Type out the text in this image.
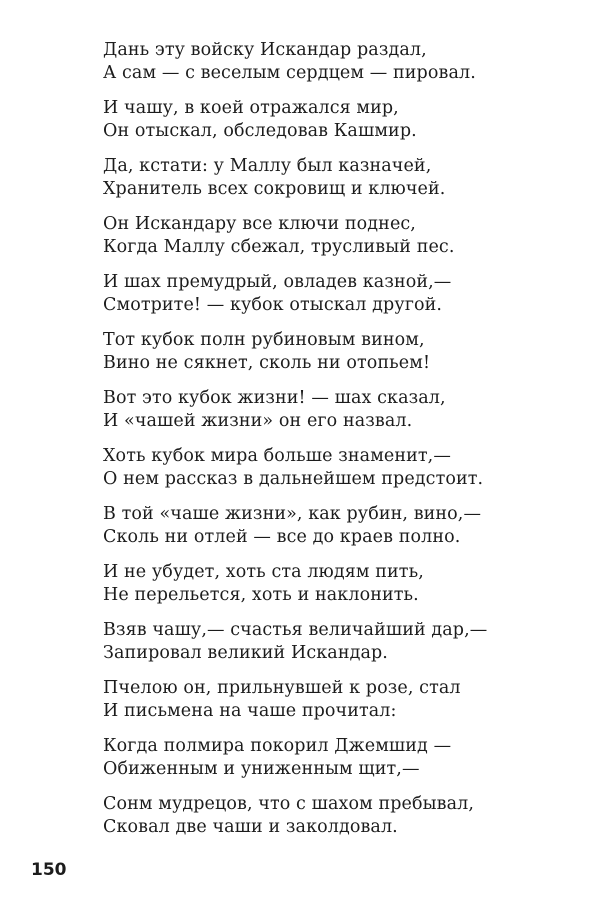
Дань эту войску Искандар раздал,
А сам — с веселым сердцем — пировал.
И чашу, в коей отражался мир,
Он отыскал, обследовав Кашмир.
Да, кстати: у Маллу был казначей,
Хранитель всех сокровищ и ключей.
Он Искандару все ключи поднес,
Когда Маллу сбежал, трусливый пес.
И шах премудрый, овладев казной,—
Смотрите! — кубок отыскал другой.
Тот кубок полн рубиновым вином,
Вино не сякнет, сколь ни отопьем!
Вот это кубок жизни! — шах сказал,
И «чашей жизни» он его назвал.
Хоть кубок мира больше знаменит,—
О нем рассказ в дальнейшем предстоит.
В той «чаше жизни», как рубин, вино,—
Сколь ни отлей — все до краев полно.
И не убудет, хоть ста людям пить,
Не перельется, хоть и наклонить.
Взяв чашу,— счастья величайший дар,—
Запировал великий Искандар.
Пчелою он, прильнувшей к розе, стал
И письмена на чаше прочитал:
Когда полмира покорил Джемшид —
Обиженным и униженным щит,—
Сонм мудрецов, что с шахом пребывал,
Сковал две чаши и заколдовал.
150
